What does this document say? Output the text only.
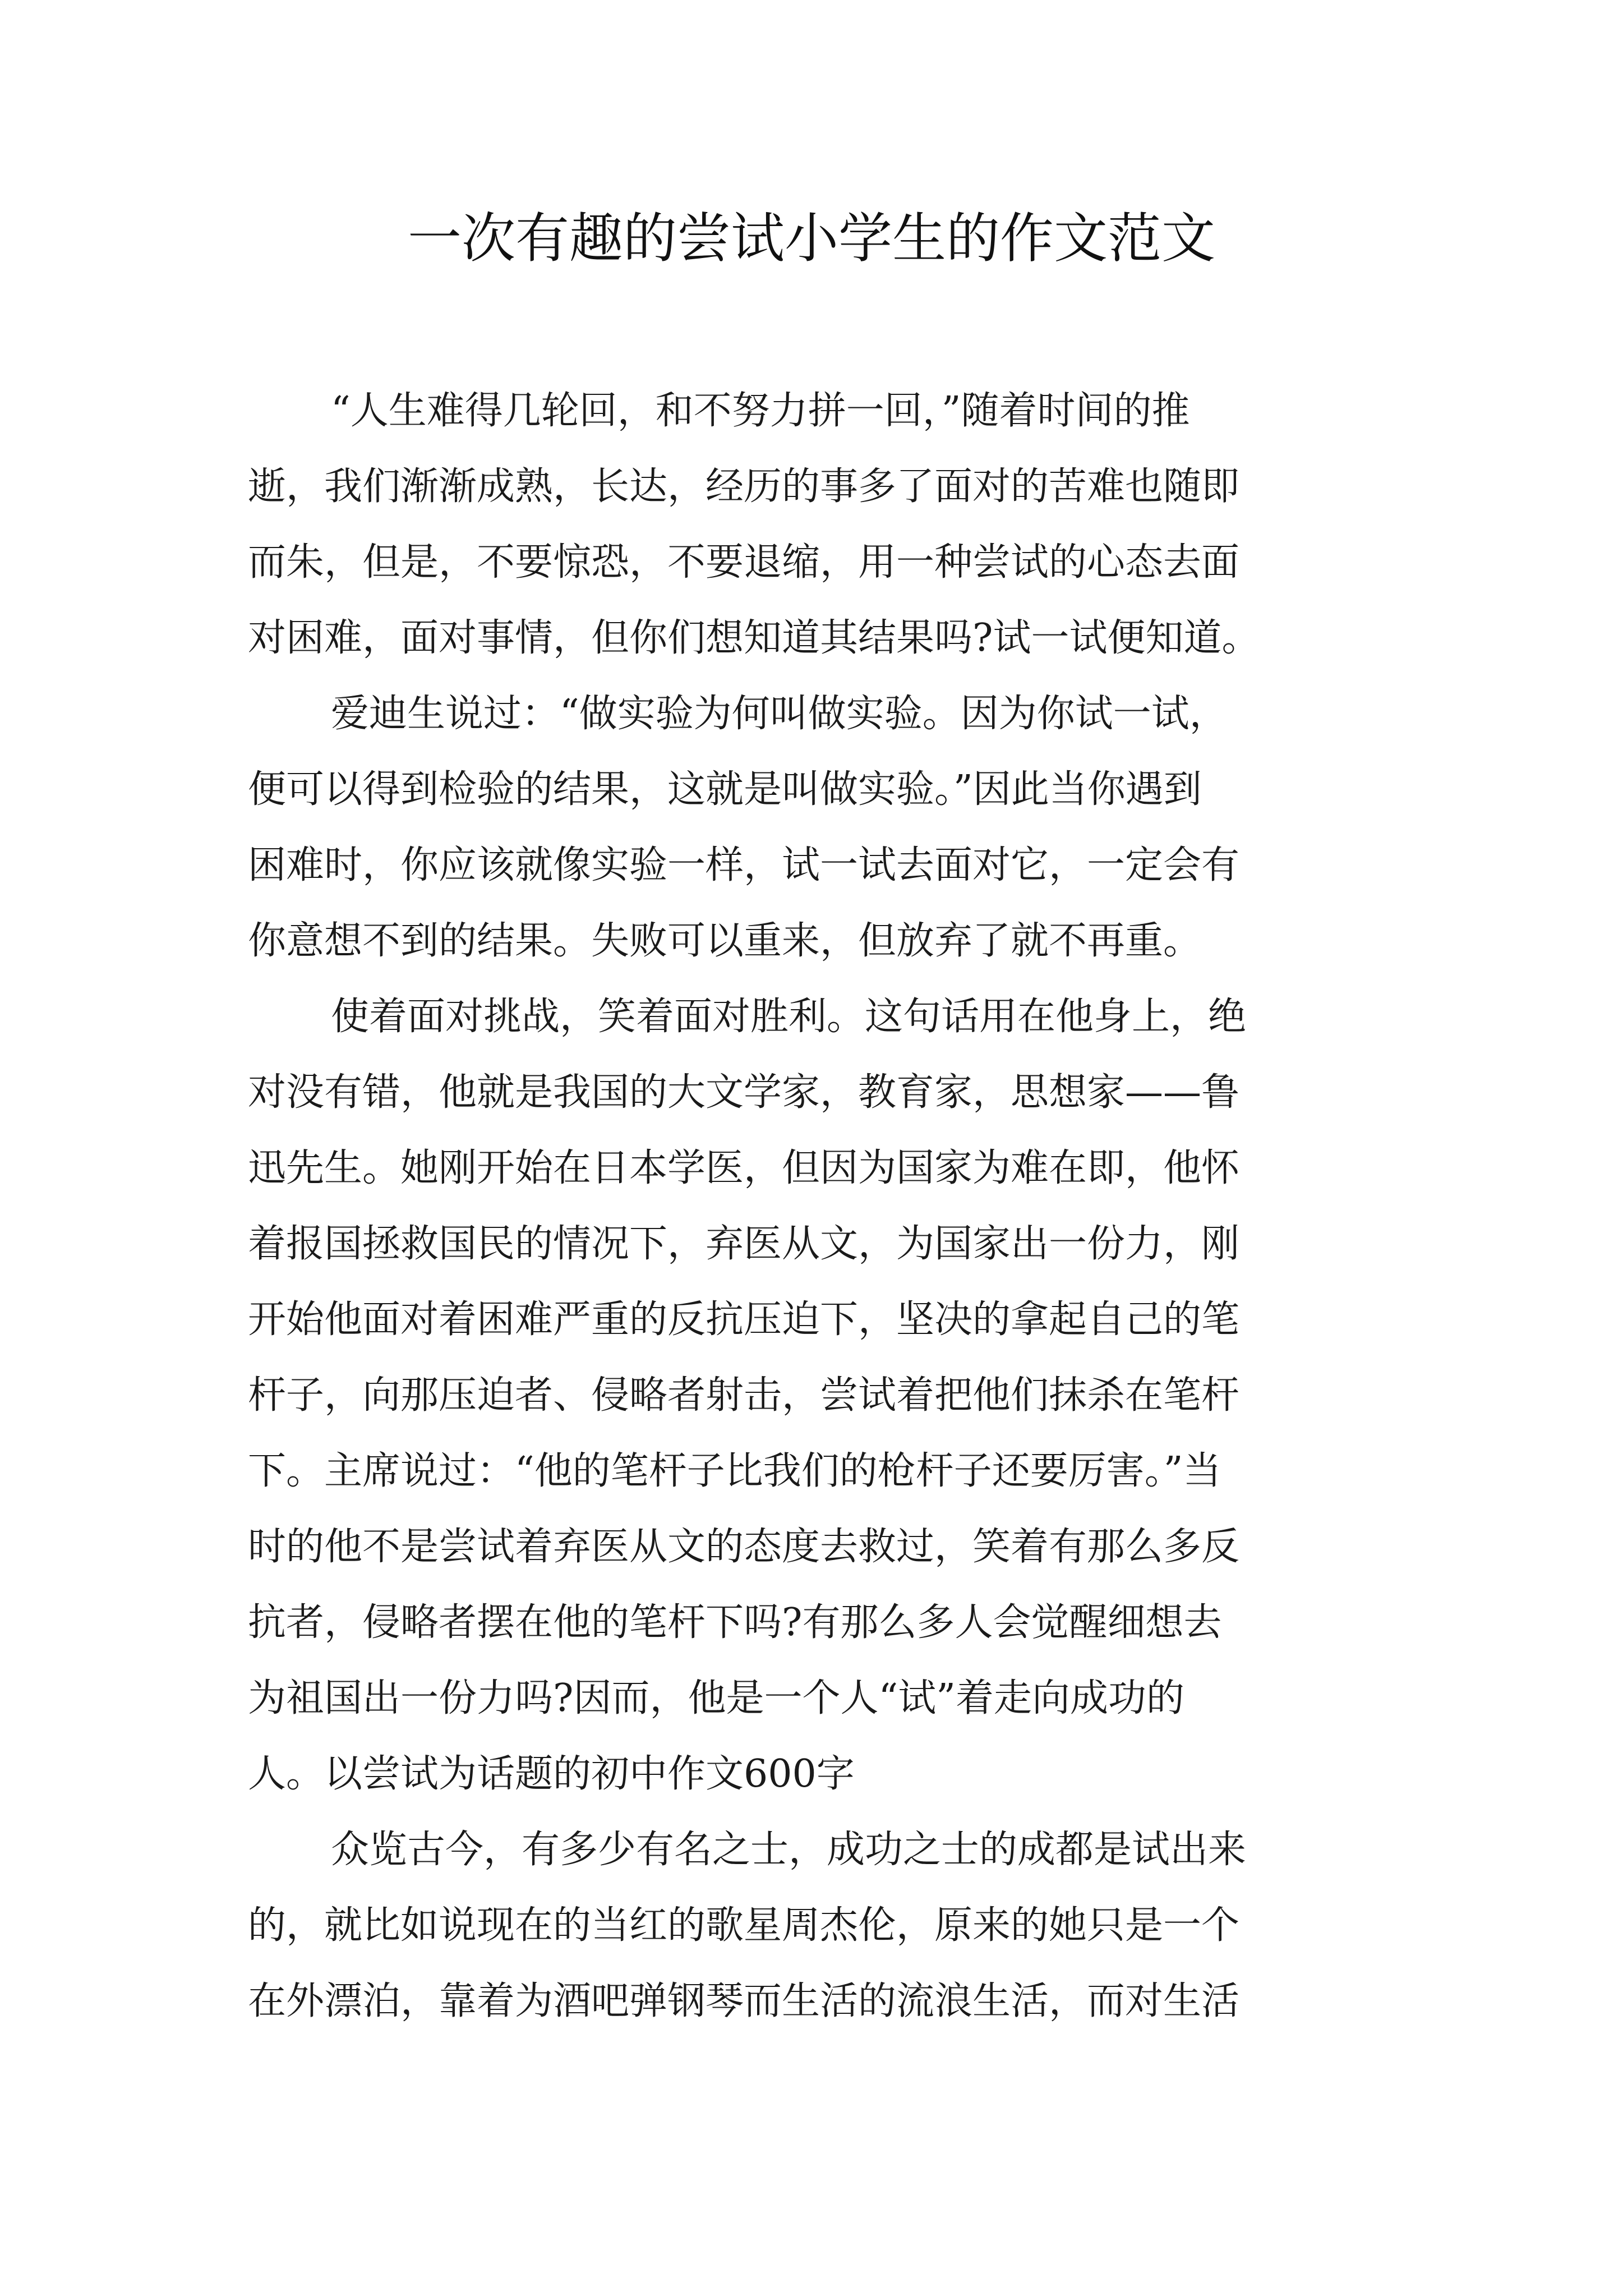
一次有趣的尝试小学生的作文范文
“人生难得几轮回，和不努力拼一回，”随着时间的推
逝，我们渐渐成熟，长达，经历的事多了面对的苦难也随即
而朱，但是，不要惊恐，不要退缩，用一种尝试的心态去面
对困难，面对事情，但你们想知道其结果吗?试一试便知道。
爱迪生说过：“做实验为何叫做实验。因为你试一试，
便可以得到检验的结果，这就是叫做实验。”因此当你遇到
困难时，你应该就像实验一样，试一试去面对它，一定会有
你意想不到的结果。失败可以重来，但放弃了就不再重。
使着面对挑战，笑着面对胜利。这句话用在他身上，绝
对没有错，他就是我国的大文学家，教育家，思想家——鲁
迅先生。她刚开始在日本学医，但因为国家为难在即，他怀
着报国拯救国民的情况下，弃医从文，为国家出一份力，刚
开始他面对着困难严重的反抗压迫下，坚决的拿起自己的笔
杆子，向那压迫者、侵略者射击，尝试着把他们抹杀在笔杆
下。主席说过：“他的笔杆子比我们的枪杆子还要厉害。”当
时的他不是尝试着弃医从文的态度去救过，笑着有那么多反
抗者，侵略者摆在他的笔杆下吗?有那么多人会觉醒细想去
为祖国出一份力吗?因而，他是一个人“试”着走向成功的
人。以尝试为话题的初中作文600字
众览古今，有多少有名之士，成功之士的成都是试出来
的，就比如说现在的当红的歌星周杰伦，原来的她只是一个
在外漂泊，靠着为酒吧弹钢琴而生活的流浪生活，而对生活
